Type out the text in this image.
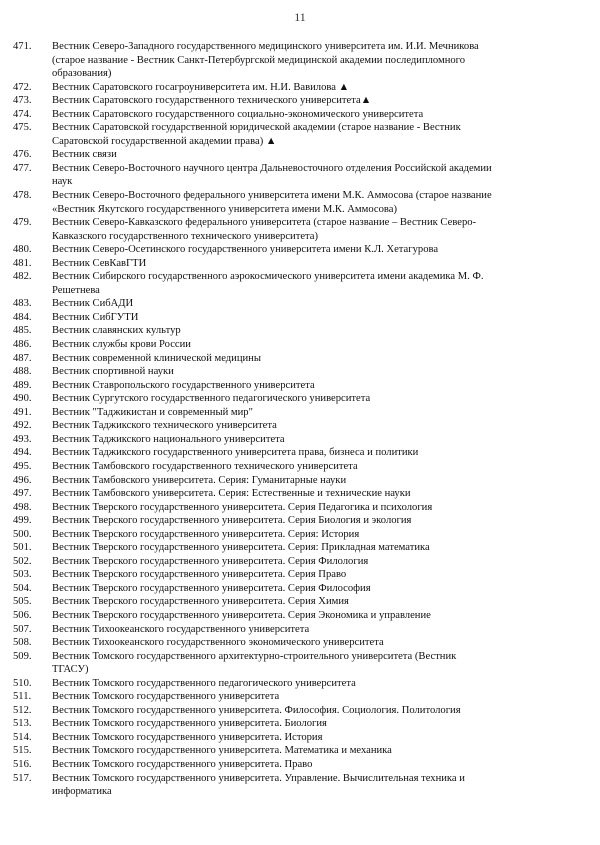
11
471.	Вестник Северо-Западного государственного медицинского университета им. И.И. Мечникова
(старое название - Вестник Санкт-Петербургской медицинской академии последипломного
образования)
472.	Вестник Саратовского госагроуниверситета им. Н.И. Вавилова ▲
473.	Вестник Саратовского государственного технического университета▲
474.	Вестник Саратовского государственного социально-экономического университета
475.	Вестник Саратовской государственной юридической академии (старое название - Вестник
Саратовской государственной академии права) ▲
476.	Вестник связи
477.	Вестник Северо-Восточного научного центра Дальневосточного отделения Российской академии
наук
478.	Вестник Северо-Восточного федерального университета имени М.К. Аммосова (старое название
«Вестник Якутского государственного университета имени М.К. Аммосова)
479.	Вестник Северо-Кавказского федерального университета (старое название – Вестник Северо-
Кавказского государственного технического университета)
480.	Вестник Северо-Осетинского государственного университета имени К.Л. Хетагурова
481.	Вестник СевКавГТИ
482.	Вестник Сибирского государственного аэрокосмического университета имени академика М. Ф.
Решетнева
483.	Вестник СибАДИ
484.	Вестник СибГУТИ
485.	Вестник славянских культур
486.	Вестник службы крови России
487.	Вестник современной клинической медицины
488.	Вестник спортивной науки
489.	Вестник Ставропольского государственного университета
490.	Вестник Сургутского государственного педагогического университета
491.	Вестник "Таджикистан и современный мир"
492.	Вестник Таджикского технического университета
493.	Вестник Таджикского национального университета
494.	Вестник Таджикского государственного университета права, бизнеса и политики
495.	Вестник Тамбовского государственного технического университета
496.	Вестник Тамбовского университета. Серия: Гуманитарные науки
497.	Вестник Тамбовского университета. Серия: Естественные и технические науки
498.	Вестник Тверского государственного университета. Серия Педагогика и психология
499.	Вестник Тверского государственного университета. Серия Биология и экология
500.	Вестник Тверского государственного университета. Серия: История
501.	Вестник Тверского государственного университета. Серия: Прикладная математика
502.	Вестник Тверского государственного университета. Серия Филология
503.	Вестник Тверского государственного университета. Серия Право
504.	Вестник Тверского государственного университета. Серия Философия
505.	Вестник Тверского государственного университета. Серия Химия
506.	Вестник Тверского государственного университета. Серия Экономика и управление
507.	Вестник Тихоокеанского государственного университета
508.	Вестник Тихоокеанского государственного экономического университета
509.	Вестник Томского государственного архитектурно-строительного университета (Вестник
ТГАСУ)
510.	Вестник Томского государственного педагогического университета
511.	Вестник Томского государственного университета
512.	Вестник Томского государственного университета. Философия. Социология. Политология
513.	Вестник Томского государственного университета. Биология
514.	Вестник Томского государственного университета. История
515.	Вестник Томского государственного университета. Математика и механика
516.	Вестник Томского государственного университета. Право
517.	Вестник Томского государственного университета. Управление. Вычислительная техника и
информатика
